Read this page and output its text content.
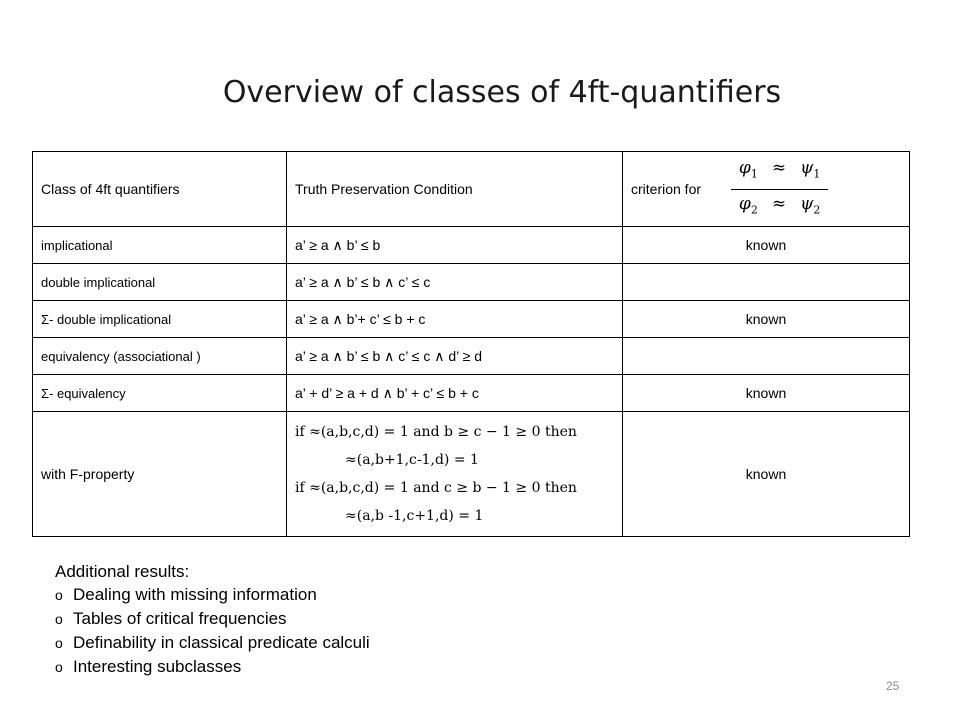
Overview of classes of 4ft-quantifiers
Class of 4ft quantifiers	Truth Preservation Condition	criterion for $\frac{\varphi_1 \approx \psi_1}{\varphi_2 \approx \psi_2}$

implicational	a’ ≥ a ∧ b’ ≤ b	known
double implicational	a’ ≥ a ∧ b’ ≤ b ∧ c’ ≤ c	
Σ- double implicational	a’ ≥ a ∧ b’+ c’ ≤ b + c	known
equivalency (associational )	a’ ≥ a ∧ b’ ≤ b ∧ c’ ≤ c ∧ d’ ≥ d	
Σ- equivalency	a’ + d’ ≥ a + d ∧ b’ + c’ ≤ b + c	known
with F-property	if ≈(a,b,c,d) = 1 and b ≥ c − 1 ≥ 0 then
≈(a,b+1,c-1,d) = 1
if ≈(a,b,c,d) = 1 and c ≥ b − 1 ≥ 0 then
≈(a,b -1,c+1,d) = 1	known
Additional results:
o Dealing with missing information
o Tables of critical frequencies
o Definability in classical predicate calculi
o Interesting subclasses
25
